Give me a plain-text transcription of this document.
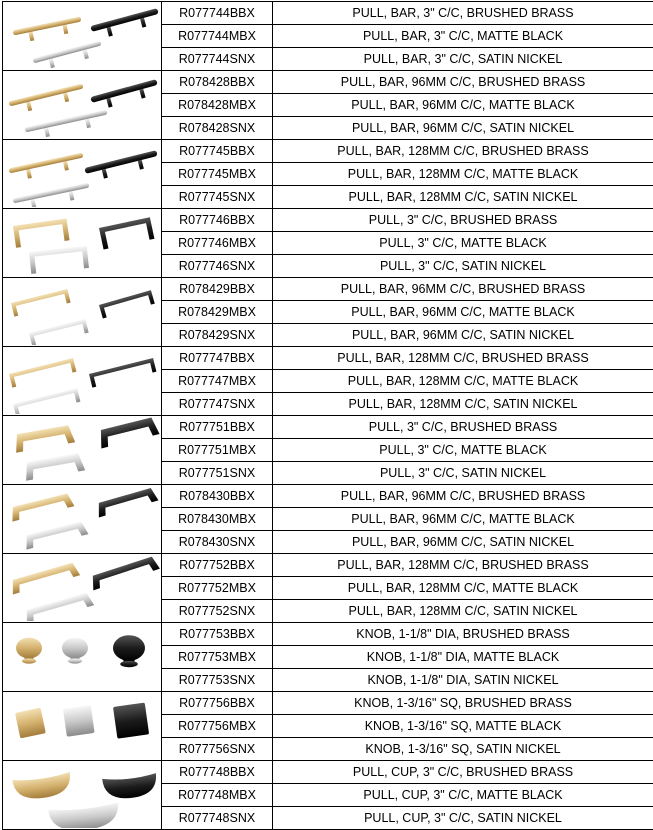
	R077744BBX	PULL, BAR, 3" C/C, BRUSHED BRASS
	R077744MBX	PULL, BAR, 3" C/C, MATTE BLACK
	R077744SNX	PULL, BAR, 3" C/C, SATIN NICKEL

	R078428BBX	PULL, BAR, 96MM C/C, BRUSHED BRASS
	R078428MBX	PULL, BAR, 96MM C/C, MATTE BLACK
	R078428SNX	PULL, BAR, 96MM C/C, SATIN NICKEL

	R077745BBX	PULL, BAR, 128MM C/C, BRUSHED BRASS
	R077745MBX	PULL, BAR, 128MM C/C, MATTE BLACK
	R077745SNX	PULL, BAR, 128MM C/C, SATIN NICKEL

	R077746BBX	PULL, 3" C/C, BRUSHED BRASS
	R077746MBX	PULL, 3" C/C, MATTE BLACK
	R077746SNX	PULL, 3" C/C, SATIN NICKEL

	R078429BBX	PULL, BAR, 96MM C/C, BRUSHED BRASS
	R078429MBX	PULL, BAR, 96MM C/C, MATTE BLACK
	R078429SNX	PULL, BAR, 96MM C/C, SATIN NICKEL

	R077747BBX	PULL, BAR, 128MM C/C, BRUSHED BRASS
	R077747MBX	PULL, BAR, 128MM C/C, MATTE BLACK
	R077747SNX	PULL, BAR, 128MM C/C, SATIN NICKEL

	R077751BBX	PULL, 3" C/C, BRUSHED BRASS
	R077751MBX	PULL, 3" C/C, MATTE BLACK
	R077751SNX	PULL, 3" C/C, SATIN NICKEL

	R078430BBX	PULL, BAR, 96MM C/C, BRUSHED BRASS
	R078430MBX	PULL, BAR, 96MM C/C, MATTE BLACK
	R078430SNX	PULL, BAR, 96MM C/C, SATIN NICKEL

	R077752BBX	PULL, BAR, 128MM C/C, BRUSHED BRASS
	R077752MBX	PULL, BAR, 128MM C/C, MATTE BLACK
	R077752SNX	PULL, BAR, 128MM C/C, SATIN NICKEL

	R077753BBX	KNOB, 1-1/8" DIA, BRUSHED BRASS
	R077753MBX	KNOB, 1-1/8" DIA, MATTE BLACK
	R077753SNX	KNOB, 1-1/8" DIA, SATIN NICKEL

	R077756BBX	KNOB, 1-3/16" SQ, BRUSHED BRASS
	R077756MBX	KNOB, 1-3/16" SQ, MATTE BLACK
	R077756SNX	KNOB, 1-3/16" SQ, SATIN NICKEL

	R077748BBX	PULL, CUP, 3" C/C, BRUSHED BRASS
	R077748MBX	PULL, CUP, 3" C/C, MATTE BLACK
	R077748SNX	PULL, CUP, 3" C/C, SATIN NICKEL
